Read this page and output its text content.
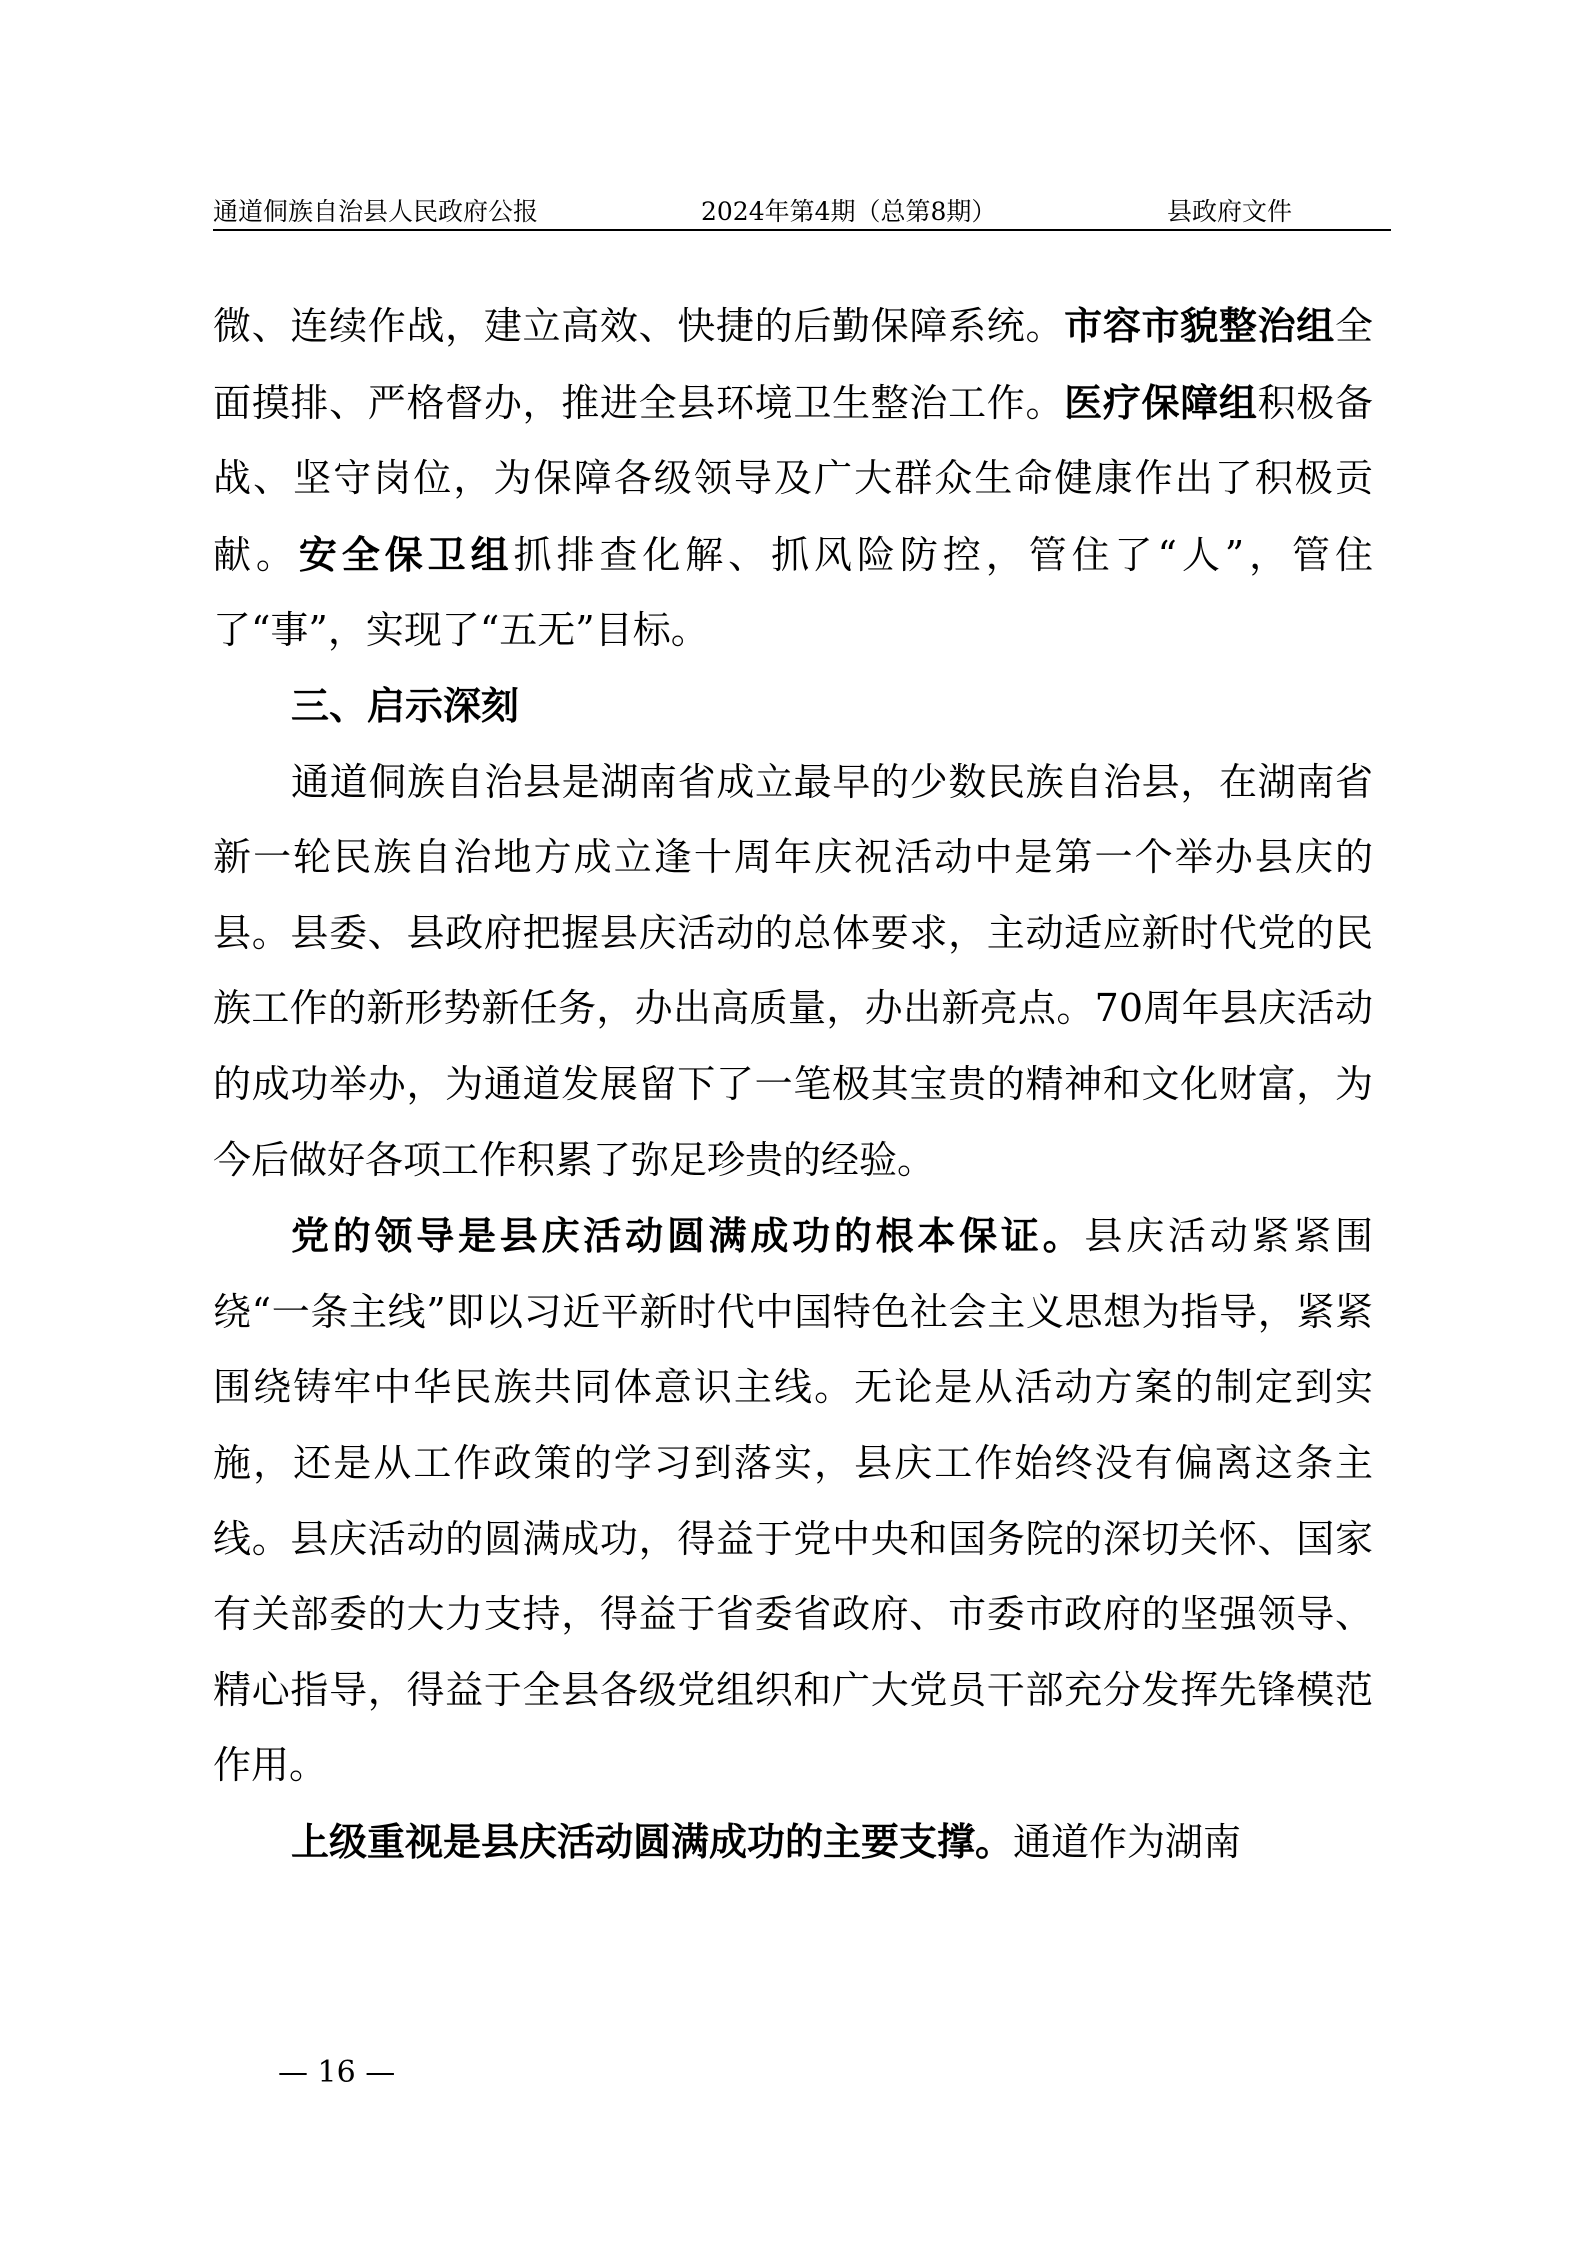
通道侗族自治县人民政府公报	2024年第4期（总第8期）	县政府文件

微、连续作战，建立高效、快捷的后勤保障系统。市容市貌整治组全面摸排、严格督办，推进全县环境卫生整治工作。医疗保障组积极备战、坚守岗位，为保障各级领导及广大群众生命健康作出了积极贡献。安全保卫组抓排查化解、抓风险防控，管住了“人”，管住了“事”，实现了“五无”目标。

三、启示深刻

通道侗族自治县是湖南省成立最早的少数民族自治县，在湖南省新一轮民族自治地方成立逢十周年庆祝活动中是第一个举办县庆的县。县委、县政府把握县庆活动的总体要求，主动适应新时代党的民族工作的新形势新任务，办出高质量，办出新亮点。70周年县庆活动的成功举办，为通道发展留下了一笔极其宝贵的精神和文化财富，为今后做好各项工作积累了弥足珍贵的经验。

党的领导是县庆活动圆满成功的根本保证。县庆活动紧紧围绕“一条主线”即以习近平新时代中国特色社会主义思想为指导，紧紧围绕铸牢中华民族共同体意识主线。无论是从活动方案的制定到实施，还是从工作政策的学习到落实，县庆工作始终没有偏离这条主线。县庆活动的圆满成功，得益于党中央和国务院的深切关怀、国家有关部委的大力支持，得益于省委省政府、市委市政府的坚强领导、精心指导，得益于全县各级党组织和广大党员干部充分发挥先锋模范作用。

上级重视是县庆活动圆满成功的主要支撑。通道作为湖南

— 16 —
